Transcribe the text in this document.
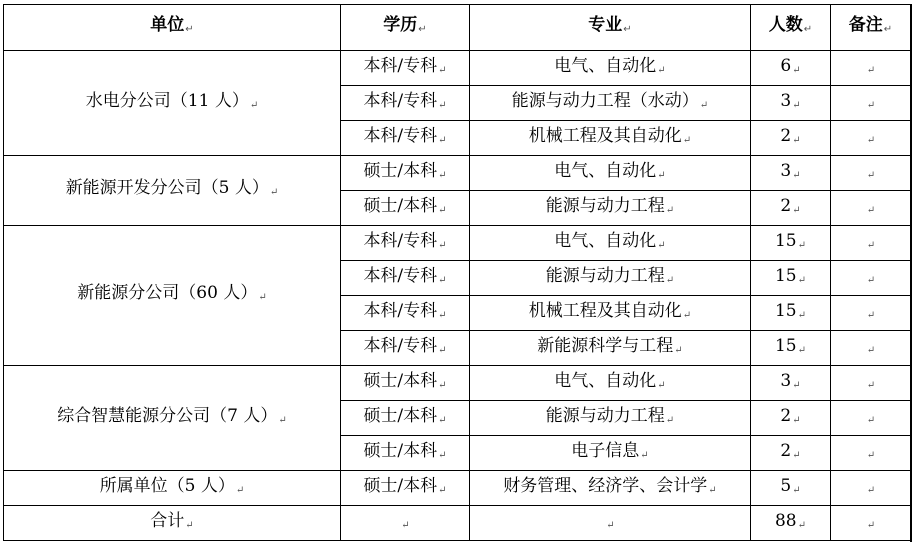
单位↵	学历↵	专业↵	人数↵	备注↵
水电分公司（11 人）↵	本科/专科↵	电气、自动化↵	6↵	↵
	本科/专科↵	能源与动力工程（水动）↵	3↵	↵
	本科/专科↵	机械工程及其自动化↵	2↵	↵
新能源开发分公司（5 人）↵	硕士/本科↵	电气、自动化↵	3↵	↵
	硕士/本科↵	能源与动力工程↵	2↵	↵
新能源分公司（60 人）↵	本科/专科↵	电气、自动化↵	15↵	↵
	本科/专科↵	能源与动力工程↵	15↵	↵
	本科/专科↵	机械工程及其自动化↵	15↵	↵
	本科/专科↵	新能源科学与工程↵	15↵	↵
综合智慧能源分公司（7 人）↵	硕士/本科↵	电气、自动化↵	3↵	↵
	硕士/本科↵	能源与动力工程↵	2↵	↵
	硕士/本科↵	电子信息↵	2↵	↵
所属单位（5 人）↵	硕士/本科↵	财务管理、经济学、会计学↵	5↵	↵
合计↵	↵	↵	88↵	↵
